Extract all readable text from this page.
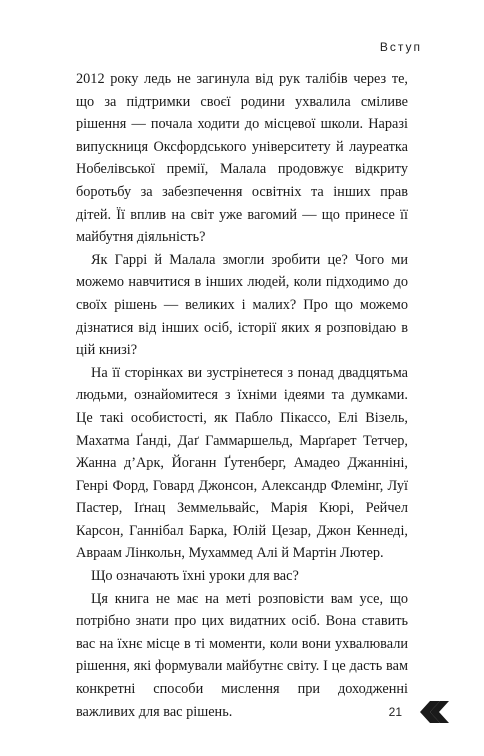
Вступ

2012 року ледь не загинула від рук талібів через те, що за підтримки своєї родини ухвалила сміливе рішення — почала ходити до місцевої школи. Наразі випускниця Оксфордського університету й лауреатка Нобелівської премії, Малала продовжує відкриту боротьбу за забезпечення освітніх та інших прав дітей. Її вплив на світ уже вагомий — що принесе її майбутня діяльність?

Як Гаррі й Малала змогли зробити це? Чого ми можемо навчитися в інших людей, коли підходимо до своїх рішень — великих і малих? Про що можемо дізнатися від інших осіб, історії яких я розповідаю в цій книзі?

На її сторінках ви зустрінетеся з понад двадцятьма людьми, ознайомитеся з їхніми ідеями та думками. Це такі особистості, як Пабло Пікассо, Елі Візель, Махатма Ґанді, Даґ Гаммаршельд, Марґарет Тетчер, Жанна д’Арк, Йоганн Ґутенберг, Амадео Джанніні, Генрі Форд, Говард Джонсон, Александр Флемінг, Луї Пастер, Іґнац Земмельвайс, Марія Кюрі, Рейчел Карсон, Ганнібал Барка, Юлій Цезар, Джон Кеннеді, Авраам Лінкольн, Мухаммед Алі й Мартін Лютер.

Що означають їхні уроки для вас?

Ця книга не має на меті розповісти вам усе, що потрібно знати про цих видатних осіб. Вона ставить вас на їхнє місце в ті моменти, коли вони ухвалювали рішення, які формували майбутнє світу. І це дасть вам конкретні способи мислення при доходженні важливих для вас рішень.	21
